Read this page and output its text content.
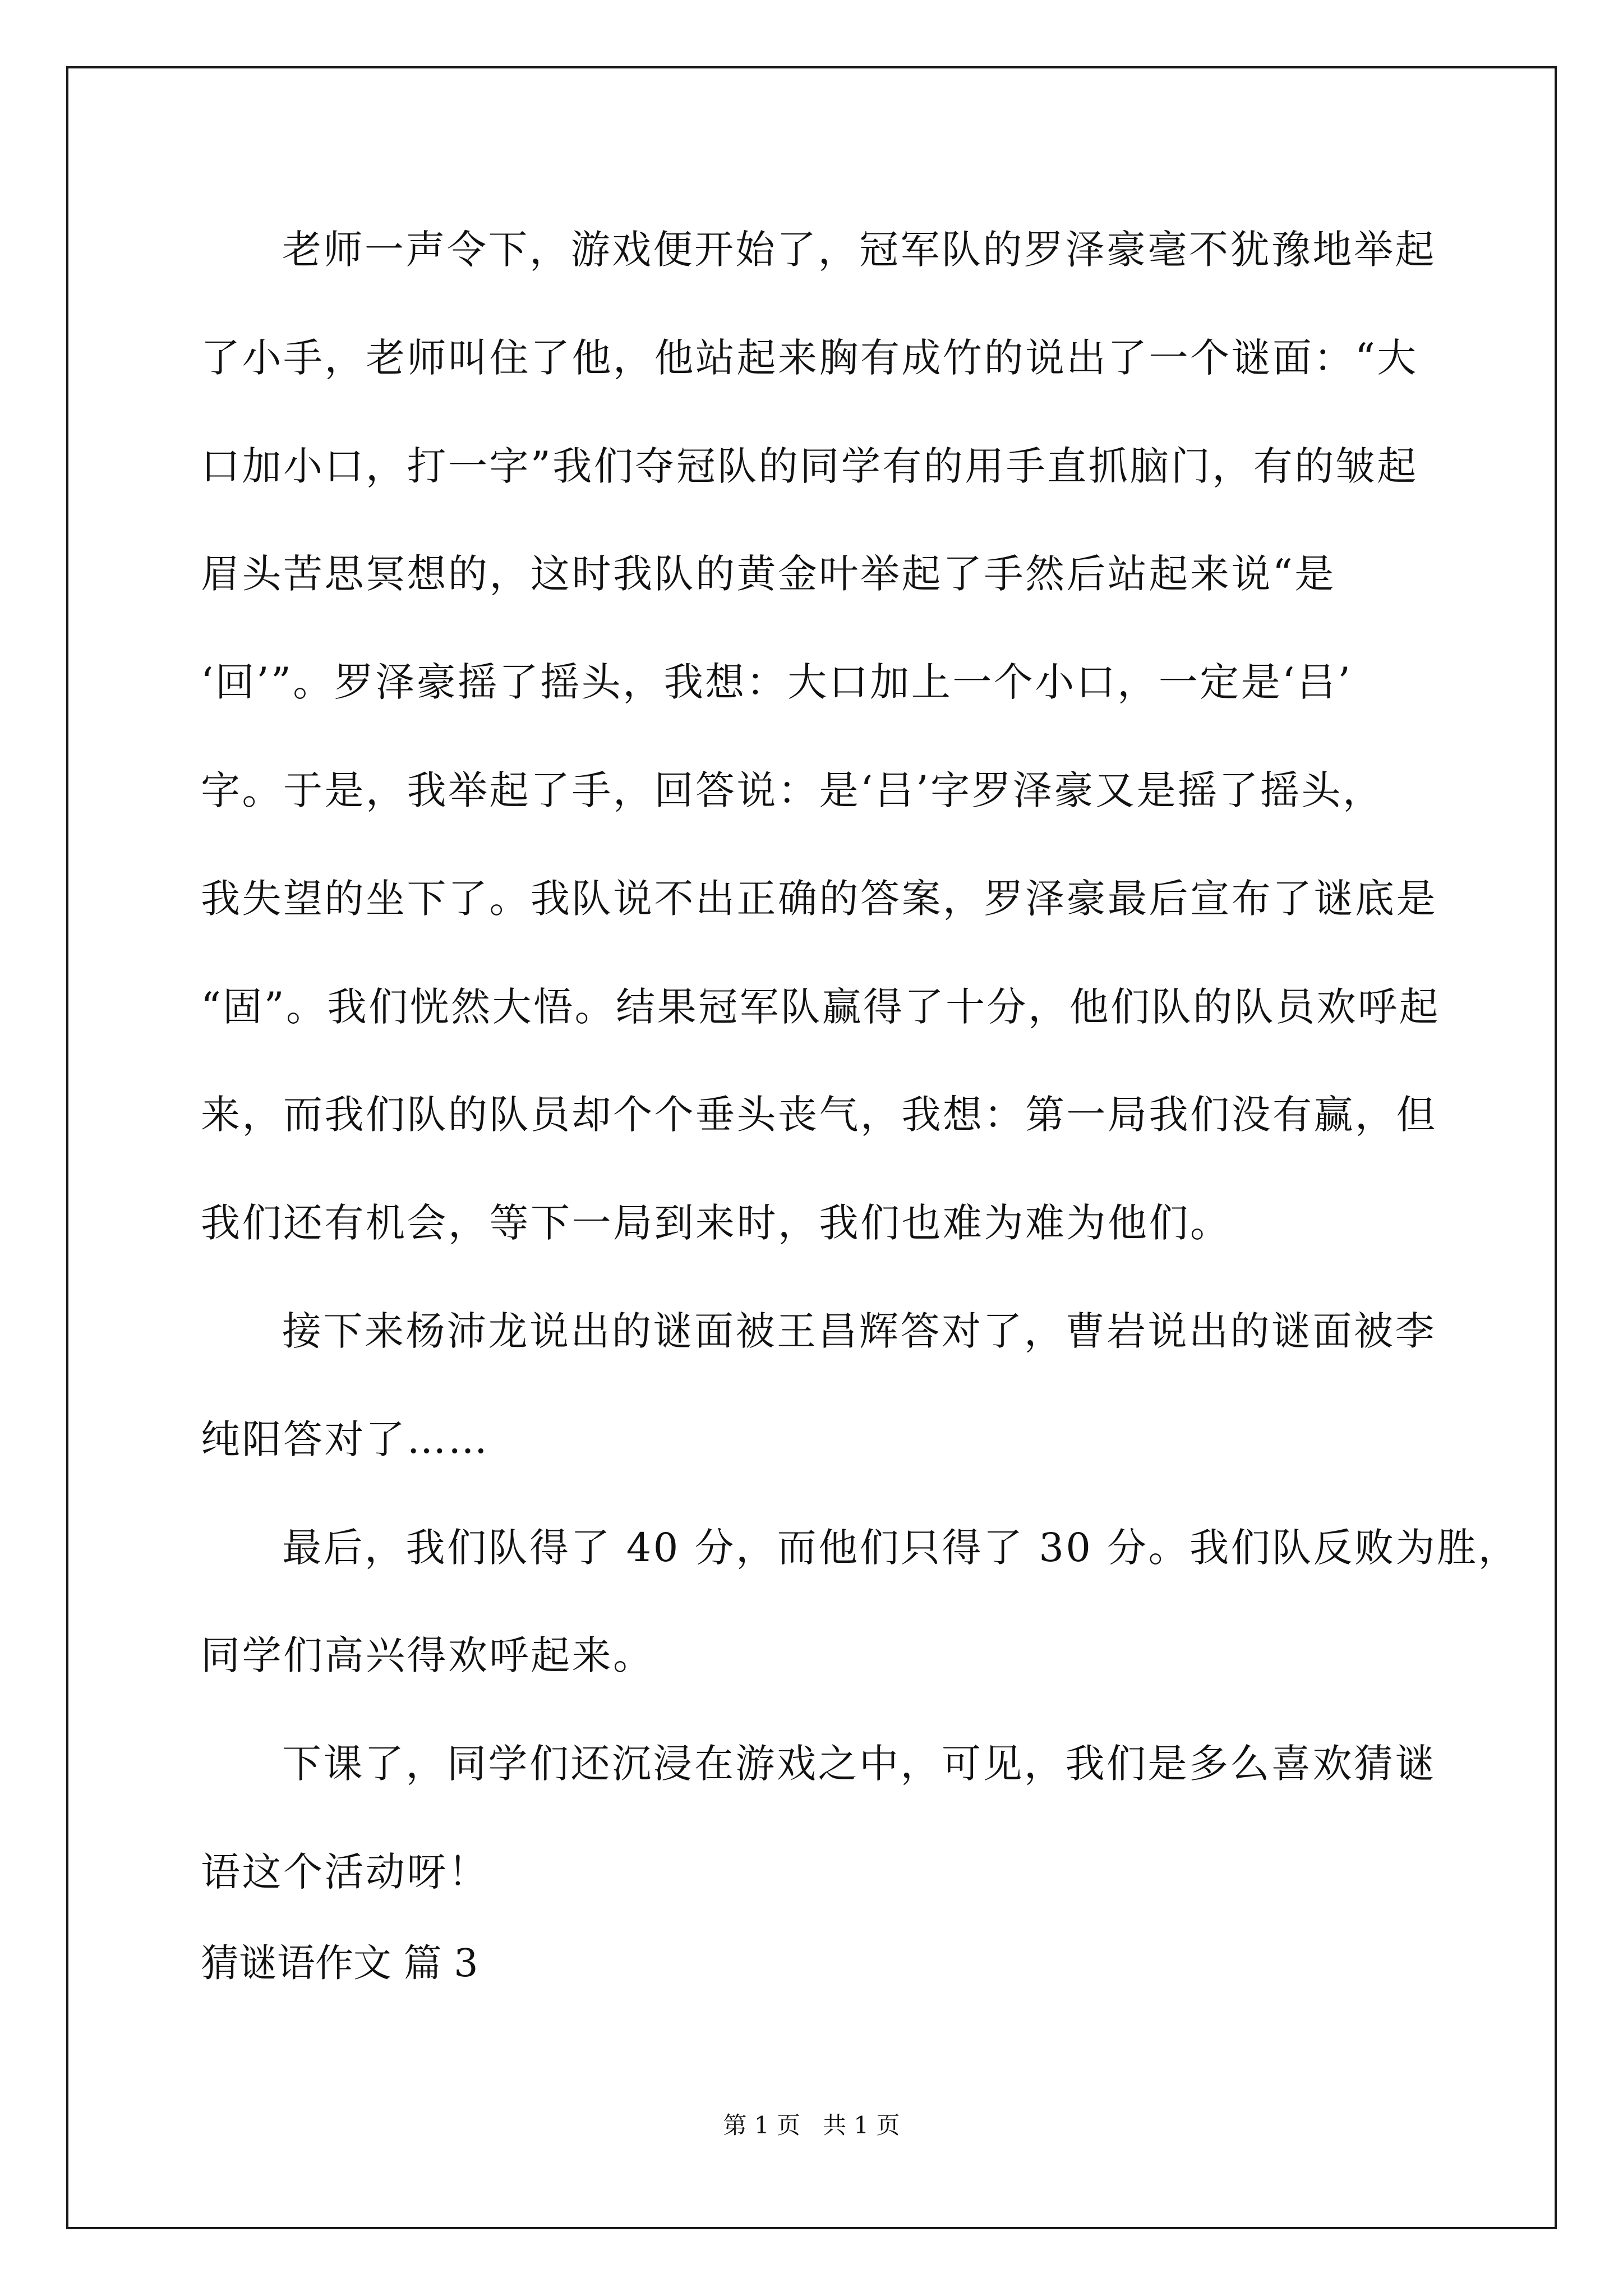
老师一声令下，游戏便开始了，冠军队的罗泽豪毫不犹豫地举起
了小手，老师叫住了他，他站起来胸有成竹的说出了一个谜面：“大
口加小口，打一字”我们夺冠队的同学有的用手直抓脑门，有的皱起
眉头苦思冥想的，这时我队的黄金叶举起了手然后站起来说“是
‘回’”。罗泽豪摇了摇头，我想：大口加上一个小口，一定是‘吕’
字。于是，我举起了手，回答说：是‘吕’字罗泽豪又是摇了摇头，
我失望的坐下了。我队说不出正确的答案，罗泽豪最后宣布了谜底是
“固”。我们恍然大悟。结果冠军队赢得了十分，他们队的队员欢呼起
来，而我们队的队员却个个垂头丧气，我想：第一局我们没有赢，但
我们还有机会，等下一局到来时，我们也难为难为他们。
接下来杨沛龙说出的谜面被王昌辉答对了，曹岩说出的谜面被李
纯阳答对了……
最后，我们队得了 40 分，而他们只得了 30 分。我们队反败为胜，
同学们高兴得欢呼起来。
下课了，同学们还沉浸在游戏之中，可见，我们是多么喜欢猜谜
语这个活动呀！
猜谜语作文 篇 3
第 1 页   共 1 页
